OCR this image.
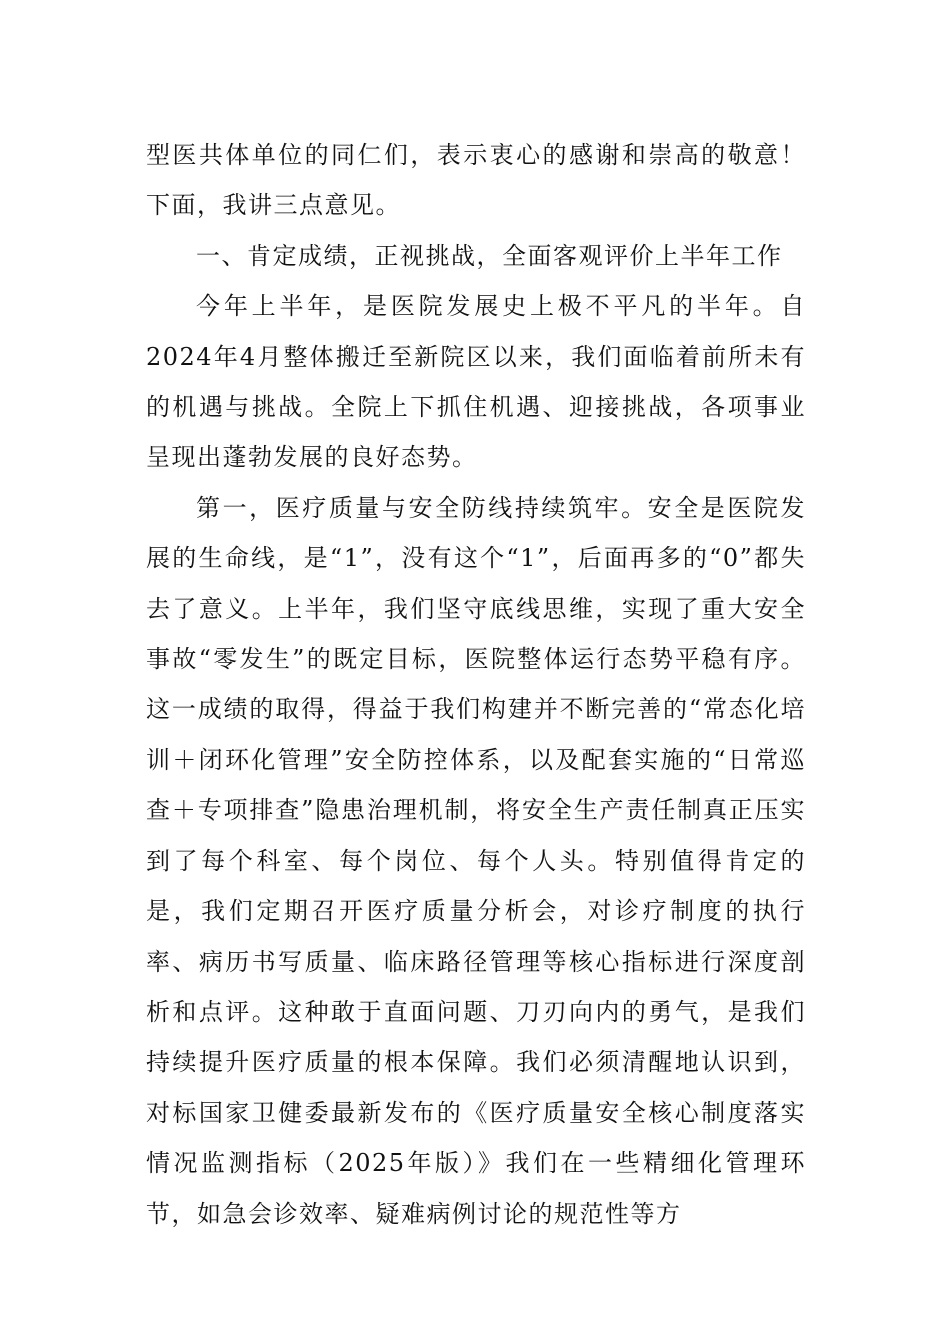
型医共体单位的同仁们，表示衷心的感谢和崇高的敬意！下面，我讲三点意见。

一、肯定成绩，正视挑战，全面客观评价上半年工作

今年上半年，是医院发展史上极不平凡的半年。自2024年4月整体搬迁至新院区以来，我们面临着前所未有的机遇与挑战。全院上下抓住机遇、迎接挑战，各项事业呈现出蓬勃发展的良好态势。

第一，医疗质量与安全防线持续筑牢。安全是医院发展的生命线，是“1”，没有这个“1”，后面再多的“0”都失去了意义。上半年，我们坚守底线思维，实现了重大安全事故“零发生”的既定目标，医院整体运行态势平稳有序。这一成绩的取得，得益于我们构建并不断完善的“常态化培训＋闭环化管理”安全防控体系，以及配套实施的“日常巡查＋专项排查”隐患治理机制，将安全生产责任制真正压实到了每个科室、每个岗位、每个人头。特别值得肯定的是，我们定期召开医疗质量分析会，对诊疗制度的执行率、病历书写质量、临床路径管理等核心指标进行深度剖析和点评。这种敢于直面问题、刀刃向内的勇气，是我们持续提升医疗质量的根本保障。我们必须清醒地认识到，对标国家卫健委最新发布的《医疗质量安全核心制度落实情况监测指标（2025年版）》我们在一些精细化管理环节，如急会诊效率、疑难病例讨论的规范性等方
